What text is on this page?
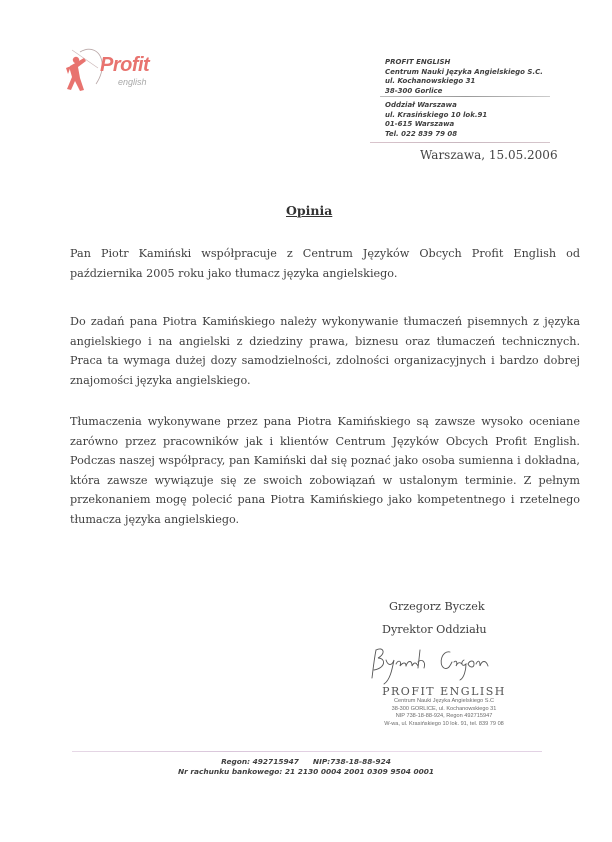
Profit
english
PROFIT ENGLISH
Centrum Nauki Języka Angielskiego S.C.
ul. Kochanowskiego 31
38-300 Gorlice
Oddział Warszawa
ul. Krasińskiego 10 lok.91
01-615 Warszawa
Tel. 022 839 79 08
Warszawa, 15.05.2006
Opinia

Pan Piotr Kamiński współpracuje z Centrum Języków Obcych Profit English od października 2005 roku jako tłumacz języka angielskiego.

Do zadań pana Piotra Kamińskiego należy wykonywanie tłumaczeń pisemnych z języka angielskiego i na angielski z dziedziny prawa, biznesu oraz tłumaczeń technicznych. Praca ta wymaga dużej dozy samodzielności, zdolności organizacyjnych i bardzo dobrej znajomości języka angielskiego.

Tłumaczenia wykonywane przez pana Piotra Kamińskiego są zawsze wysoko oceniane zarówno przez pracowników jak i klientów Centrum Języków Obcych Profit English. Podczas naszej współpracy, pan Kamiński dał się poznać jako osoba sumienna i dokładna, która zawsze wywiązuje się ze swoich zobowiązań w ustalonym terminie. Z pełnym przekonaniem mogę polecić pana Piotra Kamińskiego jako kompetentnego i rzetelnego tłumacza języka angielskiego.

Grzegorz Byczek
Dyrektor Oddziału
PROFIT ENGLISH
Centrum Nauki Języka Angielskiego S.C
38-300 GORLICE, ul. Kochanowskiego 31
NIP 738-18-88-924, Regon 492715947
W-wa, ul. Krasińskiego 10 lok. 91, tel. 839 79 08
Regon: 492715947 NIP:738-18-88-924
Nr rachunku bankowego: 21 2130 0004 2001 0309 9504 0001
